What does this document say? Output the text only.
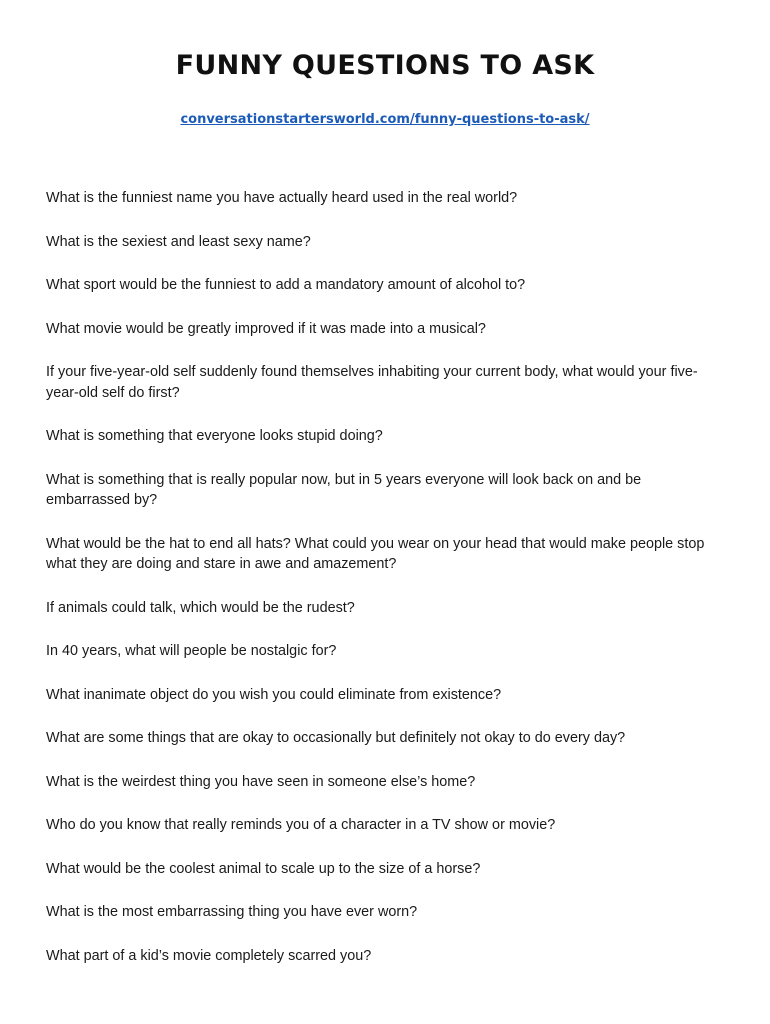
FUNNY QUESTIONS TO ASK
conversationstartersworld.com/funny-questions-to-ask/
What is the funniest name you have actually heard used in the real world?
What is the sexiest and least sexy name?
What sport would be the funniest to add a mandatory amount of alcohol to?
What movie would be greatly improved if it was made into a musical?
If your five-year-old self suddenly found themselves inhabiting your current body, what would your five-year-old self do first?
What is something that everyone looks stupid doing?
What is something that is really popular now, but in 5 years everyone will look back on and be embarrassed by?
What would be the hat to end all hats? What could you wear on your head that would make people stop what they are doing and stare in awe and amazement?
If animals could talk, which would be the rudest?
In 40 years, what will people be nostalgic for?
What inanimate object do you wish you could eliminate from existence?
What are some things that are okay to occasionally but definitely not okay to do every day?
What is the weirdest thing you have seen in someone else’s home?
Who do you know that really reminds you of a character in a TV show or movie?
What would be the coolest animal to scale up to the size of a horse?
What is the most embarrassing thing you have ever worn?
What part of a kid’s movie completely scarred you?
